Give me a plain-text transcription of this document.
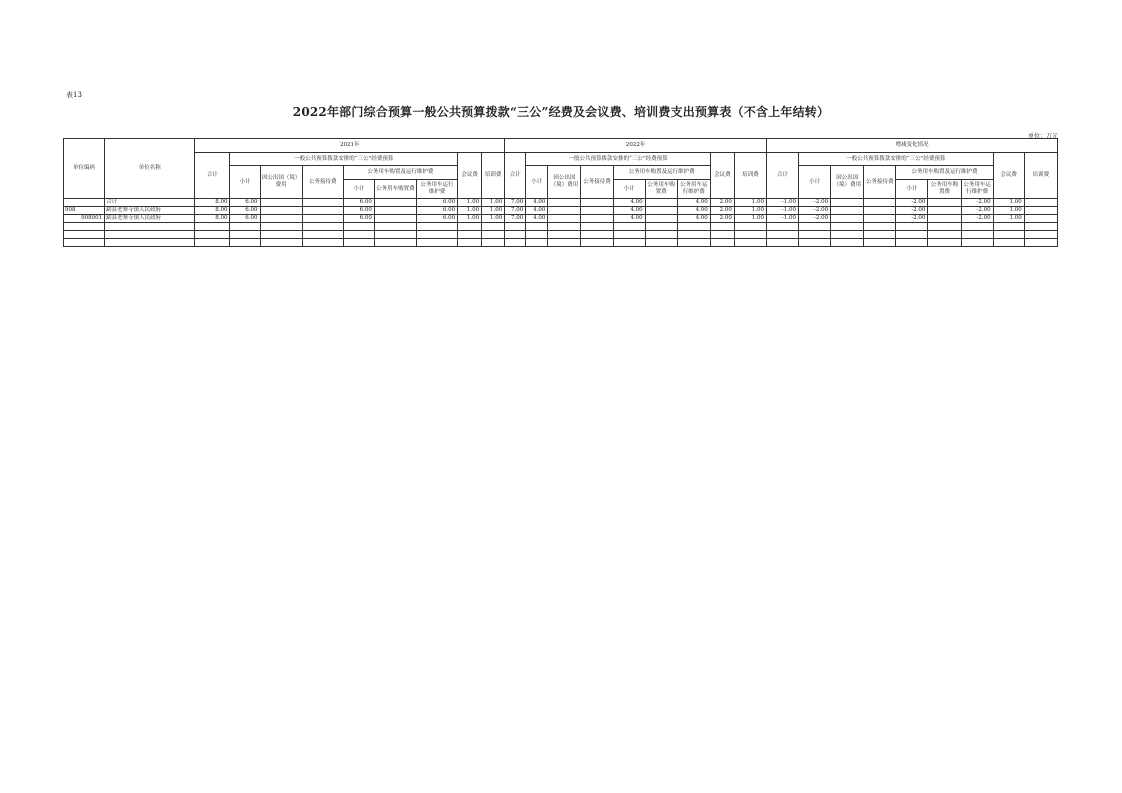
表13
2022年部门综合预算一般公共预算拨款“三公”经费及会议费、培训费支出预算表（不含上年结转）
单位：万元
单位编码	单位名称	2021年									2022年									增减变化情况								
		合计	一般公共预算拨款安排的“三公”经费预算						会议费	培训费	合计	一般公共预算拨款安排的“三公”经费预算						会议费	培训费	合计	一般公共预算拨款安排的“三公”经费预算						会议费	培训费
			小计	因公出国（境）费用	公务接待费	公务用车购置及运行维护费						小计	因公出国（境）费用	公务接待费	公务用车购置及运行维护费						小计	因公出国（境）费用	公务接待费	公务用车购置及运行维护费				
						小计	公务用车购置费	公务用车运行维护费							小计	公务用车购置费	公务用车运行维护费							小计	公务用车购置费	公务用车运行维护费		
	合计	8.00	6.00			6.00		6.00	1.00	1.00	7.00	4.00			4.00		4.00	2.00	1.00	-1.00	-2.00			-2.00		-2.00	1.00	
908	勐县老寨寺镇人民政府	8.00	6.00			6.00		6.00	1.00	1.00	7.00	4.00			4.00		4.00	2.00	1.00	-1.00	-2.00			-2.00		-2.00	1.00	
908001	勐县老寨寺镇人民政府	8.00	6.00			6.00		6.00	1.00	1.00	7.00	4.00			4.00		4.00	2.00	1.00	-1.00	-2.00			-2.00		-2.00	1.00	
